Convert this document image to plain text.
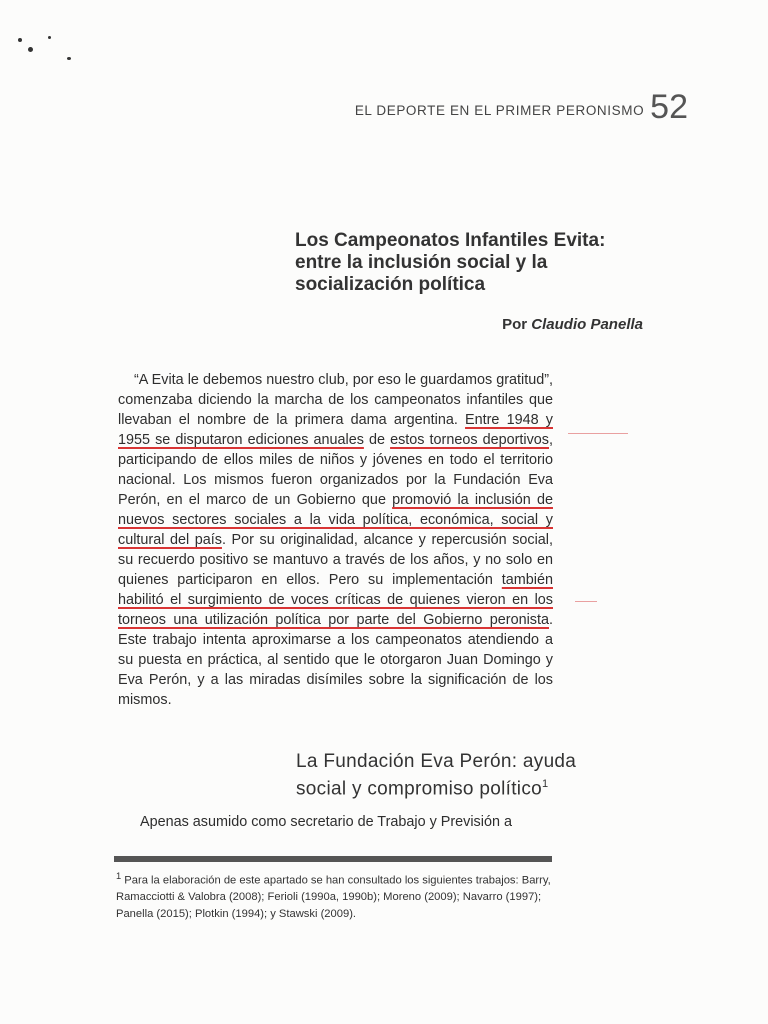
EL DEPORTE EN EL PRIMER PERONISMO 52
Los Campeonatos Infantiles Evita: entre la inclusión social y la socialización política
Por Claudio Panella

“A Evita le debemos nuestro club, por eso le guardamos gratitud”, comenzaba diciendo la marcha de los campeonatos infantiles que llevaban el nombre de la primera dama argentina. Entre 1948 y 1955 se disputaron ediciones anuales de estos torneos deportivos, participando de ellos miles de niños y jóvenes en todo el territorio nacional. Los mismos fueron organizados por la Fundación Eva Perón, en el marco de un Gobierno que promovió la inclusión de nuevos sectores sociales a la vida política, económica, social y cultural del país. Por su originalidad, alcance y repercusión social, su recuerdo positivo se mantuvo a través de los años, y no solo en quienes participaron en ellos. Pero su implementación también habilitó el surgimiento de voces críticas de quienes vieron en los torneos una utilización política por parte del Gobierno peronista. Este trabajo intenta aproximarse a los campeonatos atendiendo a su puesta en práctica, al sentido que le otorgaron Juan Domingo y Eva Perón, y a las miradas disímiles sobre la significación de los mismos.

La Fundación Eva Perón: ayuda social y compromiso político$^1$

Apenas asumido como secretario de Trabajo y Previsión a

$^1$ Para la elaboración de este apartado se han consultado los siguientes trabajos: Barry, Ramacciotti & Valobra (2008); Ferioli (1990a, 1990b); Moreno (2009); Navarro (1997); Panella (2015); Plotkin (1994); y Stawski (2009).
